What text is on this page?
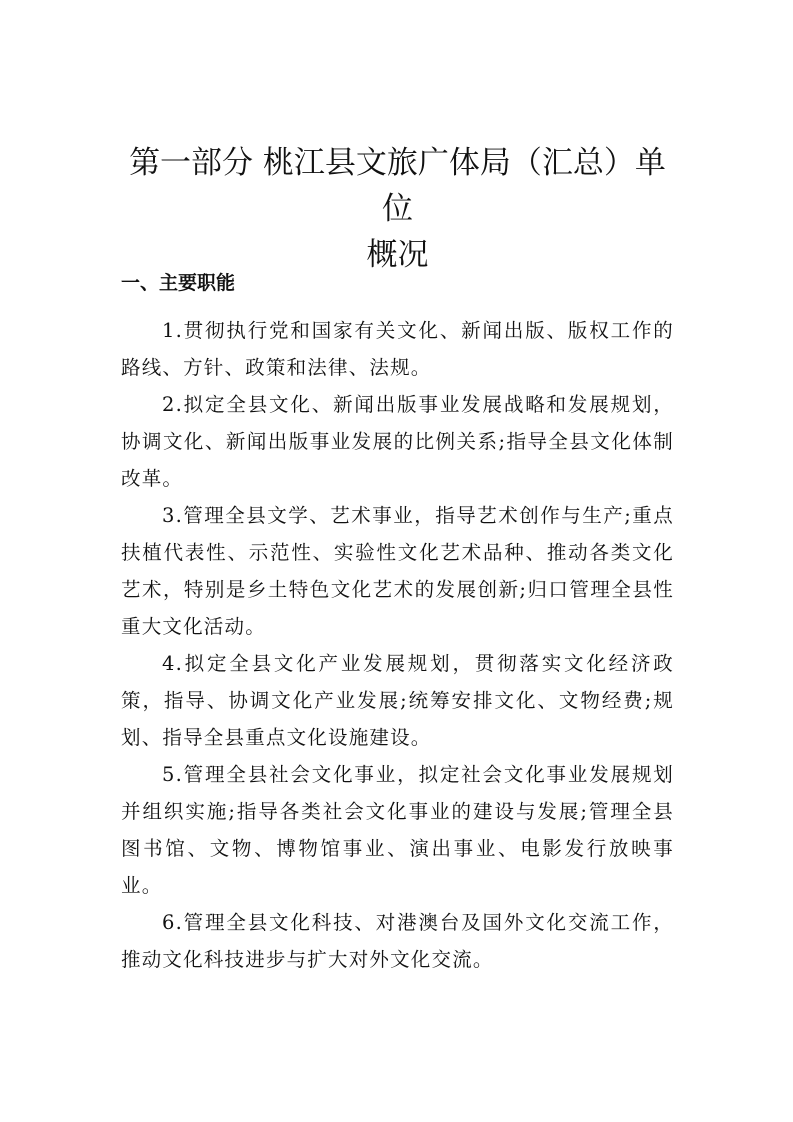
第一部分 桃江县文旅广体局（汇总）单位
概况
一、主要职能

1.贯彻执行党和国家有关文化、新闻出版、版权工作的路线、方针、政策和法律、法规。

2.拟定全县文化、新闻出版事业发展战略和发展规划，协调文化、新闻出版事业发展的比例关系;指导全县文化体制改革。

3.管理全县文学、艺术事业，指导艺术创作与生产;重点扶植代表性、示范性、实验性文化艺术品种、推动各类文化艺术，特别是乡土特色文化艺术的发展创新;归口管理全县性重大文化活动。

4.拟定全县文化产业发展规划，贯彻落实文化经济政策，指导、协调文化产业发展;统筹安排文化、文物经费;规划、指导全县重点文化设施建设。

5.管理全县社会文化事业，拟定社会文化事业发展规划并组织实施;指导各类社会文化事业的建设与发展;管理全县图书馆、文物、博物馆事业、演出事业、电影发行放映事业。

6.管理全县文化科技、对港澳台及国外文化交流工作，推动文化科技进步与扩大对外文化交流。
